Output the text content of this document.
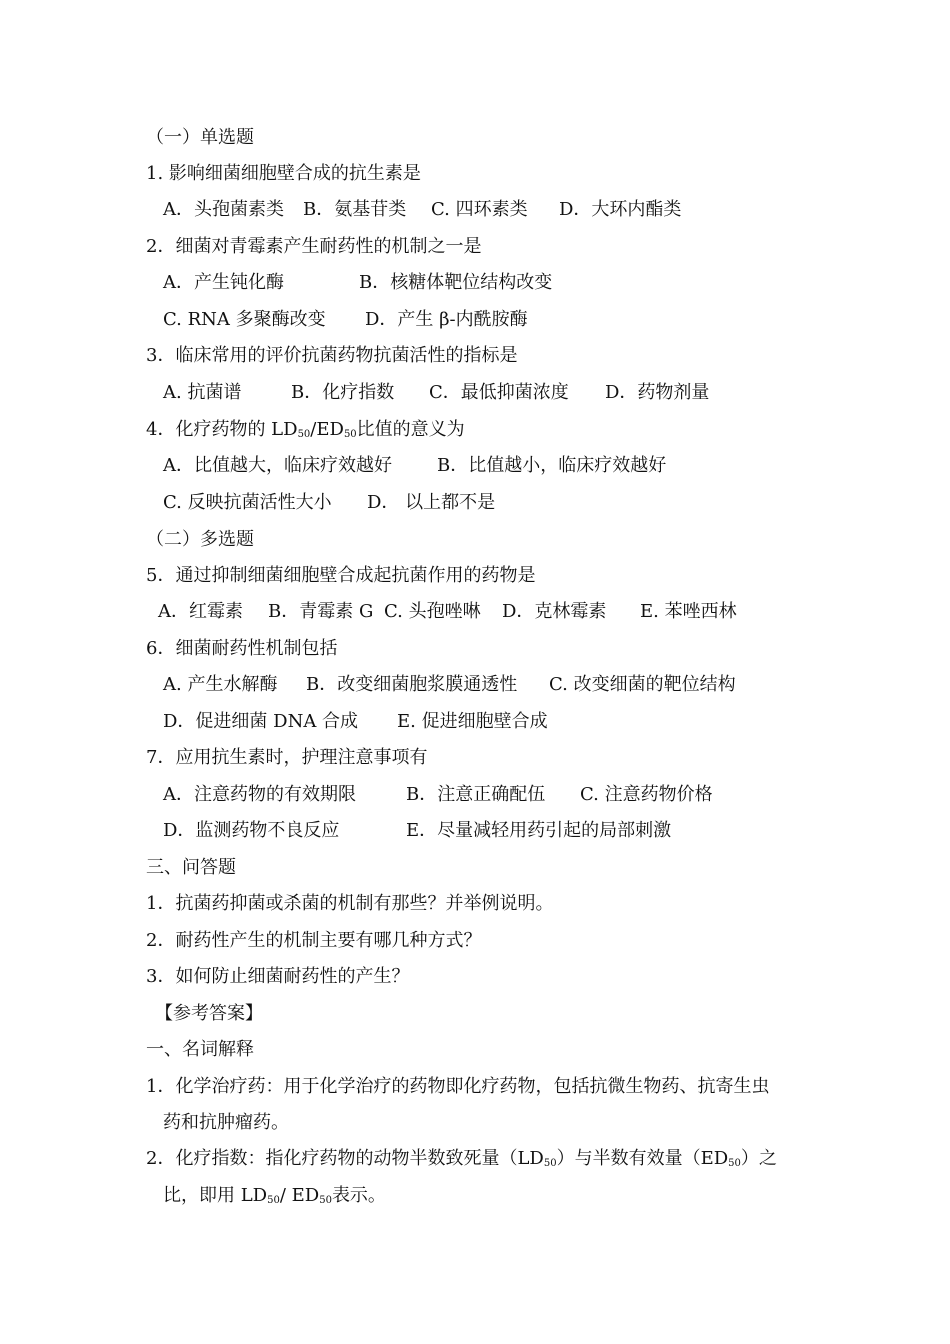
（一）单选题
1. 影响细菌细胞壁合成的抗生素是
A．头孢菌素类 B．氨基苷类 C. 四环素类 D．大环内酯类
2．细菌对青霉素产生耐药性的机制之一是
A．产生钝化酶	B．核糖体靶位结构改变
C. RNA 多聚酶改变 D．产生 β-内酰胺酶
3．临床常用的评价抗菌药物抗菌活性的指标是
A. 抗菌谱	B．化疗指数 C．最低抑菌浓度 D．药物剂量
4．化疗药物的 $LD_{50}/ED_{50}$比值的意义为
A．比值越大，临床疗效越好	B．比值越小，临床疗效越好
C. 反映抗菌活性大小 D． 以上都不是
（二）多选题
5．通过抑制细菌细胞壁合成起抗菌作用的药物是
A．红霉素 B．青霉素 G C. 头孢唑啉 D．克林霉素 E. 苯唑西林
6．细菌耐药性机制包括
A. 产生水解酶 B．改变细菌胞浆膜通透性 C. 改变细菌的靶位结构
D．促进细菌 DNA 合成 E. 促进细胞壁合成
7．应用抗生素时，护理注意事项有
A．注意药物的有效期限	B．注意正确配伍 C. 注意药物价格
D．监测药物不良反应	E．尽量减轻用药引起的局部刺激
三、问答题
1．抗菌药抑菌或杀菌的机制有那些？并举例说明。
2．耐药性产生的机制主要有哪几种方式？
3．如何防止细菌耐药性的产生？
【参考答案】
一、名词解释
1．化学治疗药：用于化学治疗的药物即化疗药物，包括抗微生物药、抗寄生虫
药和抗肿瘤药。
2．化疗指数：指化疗药物的动物半数致死量$(LD_{50})$与半数有效量$(ED_{50})$之
比，即用 $LD_{50}/$ $ED_{50}$表示。
